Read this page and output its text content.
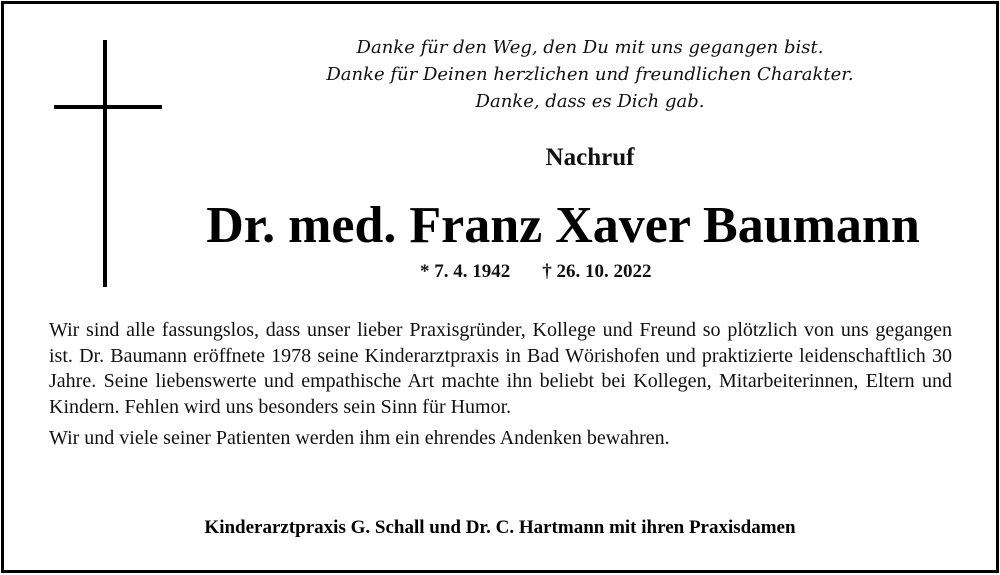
Danke für den Weg, den Du mit uns gegangen bist.
Danke für Deinen herzlichen und freundlichen Charakter.
Danke, dass es Dich gab.
Nachruf
Dr. med. Franz Xaver Baumann
* 7. 4. 1942 † 26. 10. 2022
Wir sind alle fassungslos, dass unser lieber Praxisgründer, Kollege und Freund so plötzlich von uns gegangen ist. Dr. Baumann eröffnete 1978 seine Kinderarztpraxis in Bad Wörishofen und praktizierte leidenschaftlich 30 Jahre. Seine liebenswerte und empathische Art machte ihn beliebt bei Kollegen, Mitarbeiterinnen, Eltern und Kindern. Fehlen wird uns besonders sein Sinn für Humor.
Wir und viele seiner Patienten werden ihm ein ehrendes Andenken bewahren.
Kinderarztpraxis G. Schall und Dr. C. Hartmann mit ihren Praxisdamen
